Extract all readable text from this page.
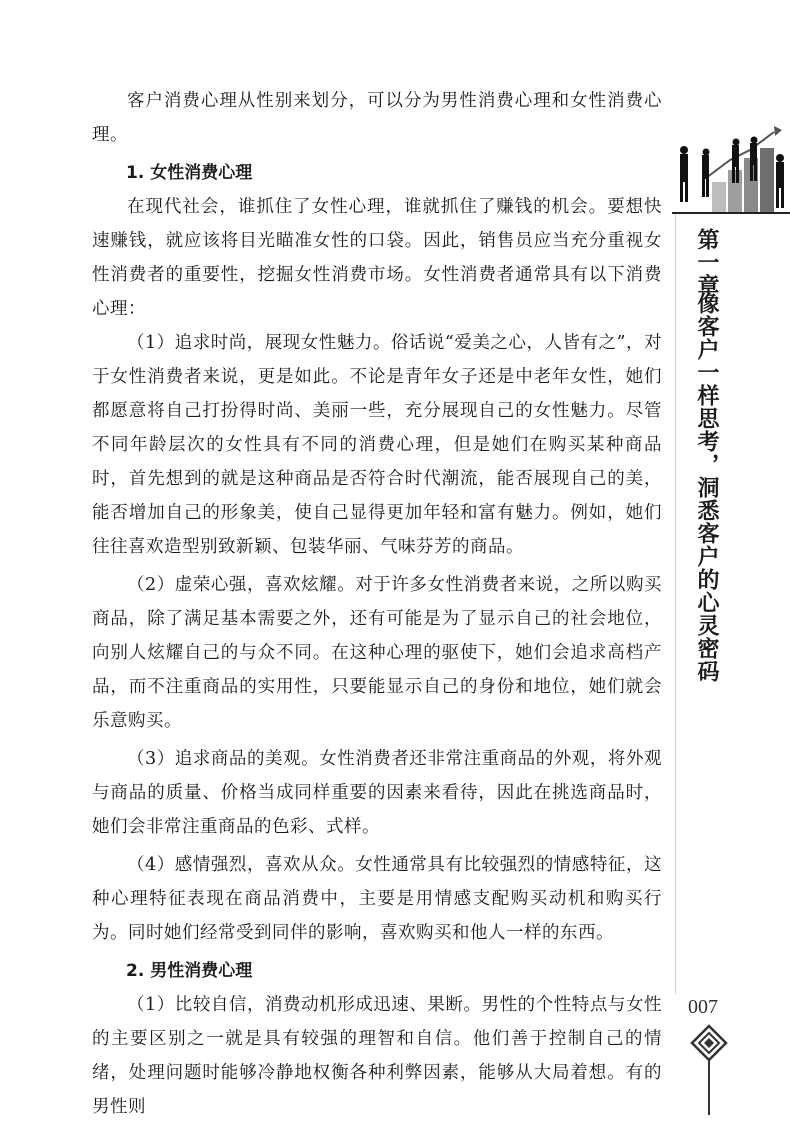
客户消费心理从性别来划分，可以分为男性消费心理和女性消费心理。

1. 女性消费心理

在现代社会，谁抓住了女性心理，谁就抓住了赚钱的机会。要想快速赚钱，就应该将目光瞄准女性的口袋。因此，销售员应当充分重视女性消费者的重要性，挖掘女性消费市场。女性消费者通常具有以下消费心理：

（1）追求时尚，展现女性魅力。俗话说“爱美之心，人皆有之”，对于女性消费者来说，更是如此。不论是青年女子还是中老年女性，她们都愿意将自己打扮得时尚、美丽一些，充分展现自己的女性魅力。尽管不同年龄层次的女性具有不同的消费心理，但是她们在购买某种商品时，首先想到的就是这种商品是否符合时代潮流，能否展现自己的美，能否增加自己的形象美，使自己显得更加年轻和富有魅力。例如，她们往往喜欢造型别致新颖、包装华丽、气味芬芳的商品。

（2）虚荣心强，喜欢炫耀。对于许多女性消费者来说，之所以购买商品，除了满足基本需要之外，还有可能是为了显示自己的社会地位，向别人炫耀自己的与众不同。在这种心理的驱使下，她们会追求高档产品，而不注重商品的实用性，只要能显示自己的身份和地位，她们就会乐意购买。

（3）追求商品的美观。女性消费者还非常注重商品的外观，将外观与商品的质量、价格当成同样重要的因素来看待，因此在挑选商品时，她们会非常注重商品的色彩、式样。

（4）感情强烈，喜欢从众。女性通常具有比较强烈的情感特征，这种心理特征表现在商品消费中，主要是用情感支配购买动机和购买行为。同时她们经常受到同伴的影响，喜欢购买和他人一样的东西。

2. 男性消费心理

（1）比较自信，消费动机形成迅速、果断。男性的个性特点与女性的主要区别之一就是具有较强的理智和自信。他们善于控制自己的情绪，处理问题时能够冷静地权衡各种利弊因素，能够从大局着想。有的男性则

第一章
像客户一样思考，洞悉客户的心灵密码
007
